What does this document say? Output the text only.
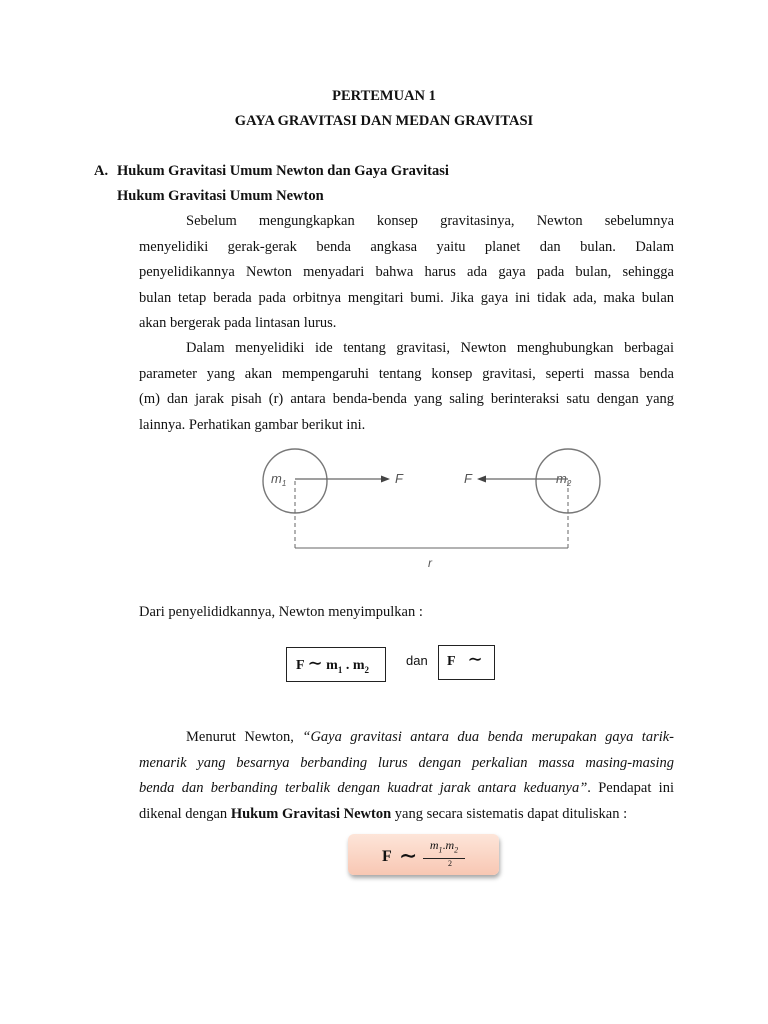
PERTEMUAN 1
GAYA GRAVITASI DAN MEDAN GRAVITASI
A. Hukum Gravitasi Umum Newton dan Gaya Gravitasi
Hukum Gravitasi Umum Newton
Sebelum mengungkapkan konsep gravitasinya, Newton sebelumnya
menyelidiki gerak-gerak benda angkasa yaitu planet dan bulan. Dalam
penyelidikannya Newton menyadari bahwa harus ada gaya pada bulan, sehingga
bulan tetap berada pada orbitnya mengitari bumi. Jika gaya ini tidak ada, maka bulan
akan bergerak pada lintasan lurus.
Dalam menyelidiki ide tentang gravitasi, Newton menghubungkan berbagai
parameter yang akan mempengaruhi tentang konsep gravitasi, seperti massa benda
(m) dan jarak pisah (r) antara benda-benda yang saling berinteraksi satu dengan yang
lainnya. Perhatikan gambar berikut ini.
$m_1$	$m_2$
F	F
r
Dari penyelididkannya, Newton menyimpulkan :
F ∼ $m_1$ . $m_2$
dan	F ∼
Menurut Newton, “Gaya gravitasi antara dua benda merupakan gaya tarik-
menarik yang besarnya berbanding lurus dengan perkalian massa masing-masing
benda dan berbanding terbalik dengan kuadrat jarak antara keduanya”. Pendapat ini
dikenal dengan Hukum Gravitasi Newton yang secara sistematis dapat dituliskan :
F ∼	$m_1.m_2$
2
